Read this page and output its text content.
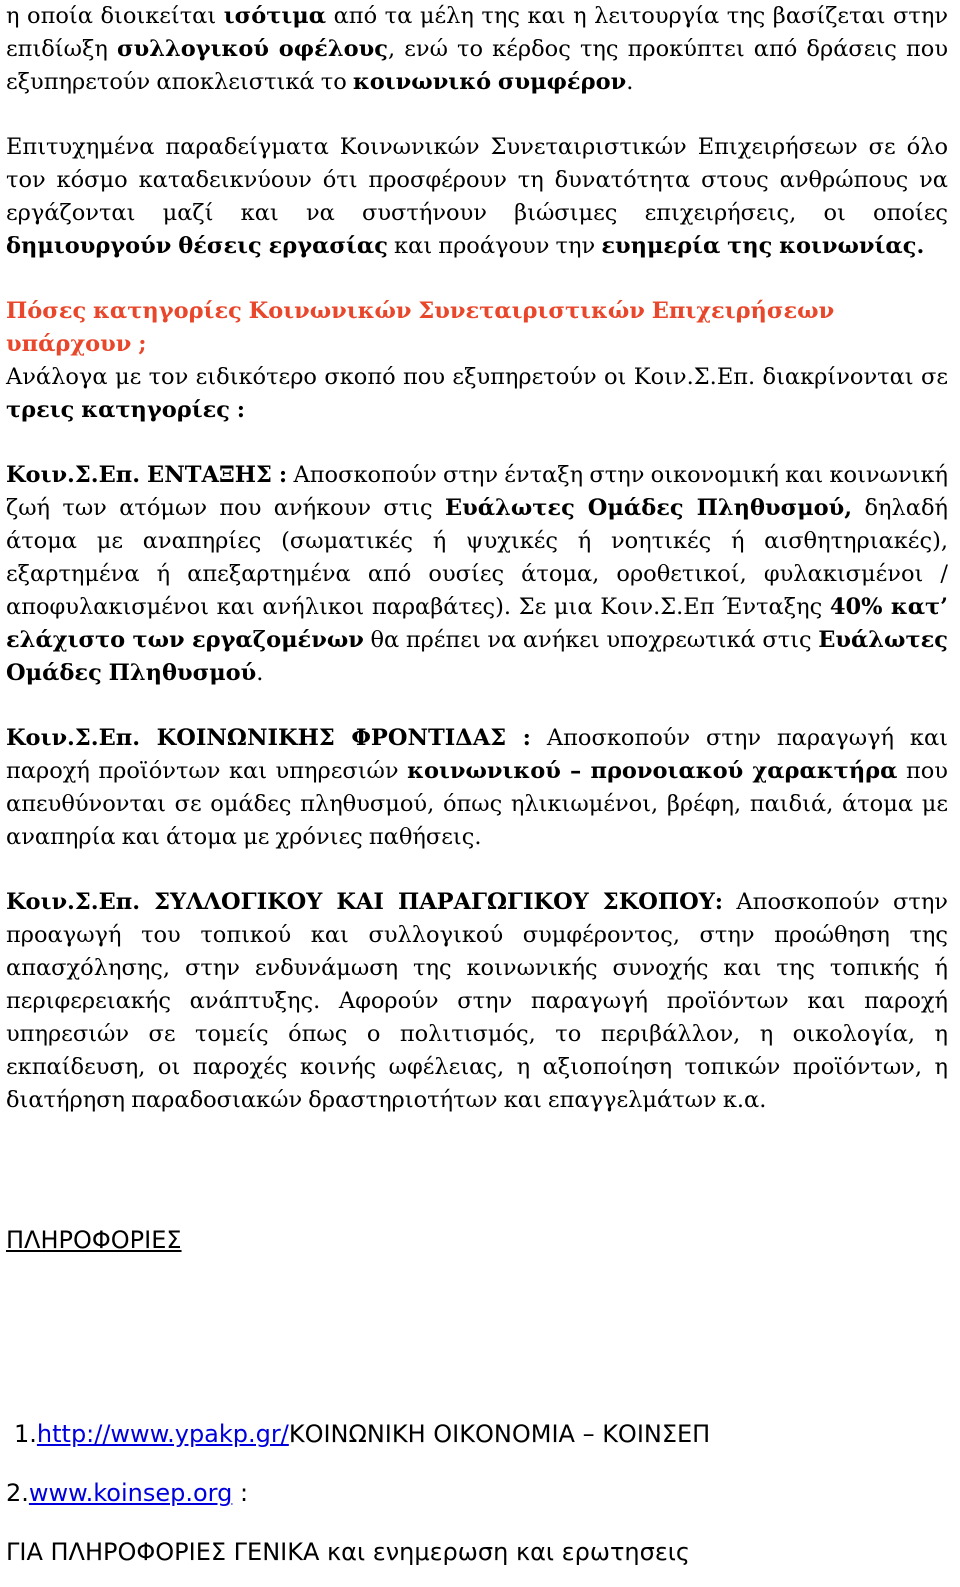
η οποία διοικείται ισότιμα από τα μέλη της και η λειτουργία της βασίζεται στην επιδίωξη συλλογικού οφέλους, ενώ το κέρδος της προκύπτει από δράσεις που εξυπηρετούν αποκλειστικά το κοινωνικό συμφέρον.

Επιτυχημένα παραδείγματα Κοινωνικών Συνεταιριστικών Επιχειρήσεων σε όλο τον κόσμο καταδεικνύουν ότι προσφέρουν τη δυνατότητα στους ανθρώπους να εργάζονται μαζί και να συστήνουν βιώσιμες επιχειρήσεις, οι οποίες δημιουργούν θέσεις εργασίας και προάγουν την ευημερία της κοινωνίας.

Πόσες κατηγορίες Κοινωνικών Συνεταιριστικών Επιχειρήσεων υπάρχουν ;

Ανάλογα με τον ειδικότερο σκοπό που εξυπηρετούν οι Κοιν.Σ.Επ. διακρίνονται σε τρεις κατηγορίες :

Κοιν.Σ.Επ. ΕΝΤΑΞΗΣ : Αποσκοπούν στην ένταξη στην οικονομική και κοινωνική ζωή των ατόμων που ανήκουν στις Ευάλωτες Ομάδες Πληθυσμού, δηλαδή άτομα με αναπηρίες (σωματικές ή ψυχικές ή νοητικές ή αισθητηριακές), εξαρτημένα ή απεξαρτημένα από ουσίες άτομα, οροθετικοί, φυλακισμένοι / αποφυλακισμένοι και ανήλικοι παραβάτες). Σε μια Κοιν.Σ.Επ Ένταξης 40% κατ’ ελάχιστο των εργαζομένων θα πρέπει να ανήκει υποχρεωτικά στις Ευάλωτες Ομάδες Πληθυσμού.

Κοιν.Σ.Επ. ΚΟΙΝΩΝΙΚΗΣ ΦΡΟΝΤΙΔΑΣ : Αποσκοπούν στην παραγωγή και παροχή προϊόντων και υπηρεσιών κοινωνικού – προνοιακού χαρακτήρα που απευθύνονται σε ομάδες πληθυσμού, όπως ηλικιωμένοι, βρέφη, παιδιά, άτομα με αναπηρία και άτομα με χρόνιες παθήσεις.

Κοιν.Σ.Επ. ΣΥΛΛΟΓΙΚΟΥ ΚΑΙ ΠΑΡΑΓΩΓΙΚΟΥ ΣΚΟΠΟΥ: Αποσκοπούν στην προαγωγή του τοπικού και συλλογικού συμφέροντος, στην προώθηση της απασχόλησης, στην ενδυνάμωση της κοινωνικής συνοχής και της τοπικής ή περιφερειακής ανάπτυξης. Αφορούν στην παραγωγή προϊόντων και παροχή υπηρεσιών σε τομείς όπως ο πολιτισμός, το περιβάλλον, η οικολογία, η εκπαίδευση, οι παροχές κοινής ωφέλειας, η αξιοποίηση τοπικών προϊόντων, η διατήρηση παραδοσιακών δραστηριοτήτων και επαγγελμάτων κ.α.

ΠΛΗΡΟΦΟΡΙΕΣ

1.http://www.ypakp.gr/ΚΟΙΝΩΝΙΚΗ ΟΙΚΟΝΟΜΙΑ – ΚΟΙΝΣΕΠ

2.www.koinsep.org :

ΓΙΑ ΠΛΗΡΟΦΟΡΙΕΣ ΓΕΝΙΚΑ και ενημερωση και ερωτησεις
